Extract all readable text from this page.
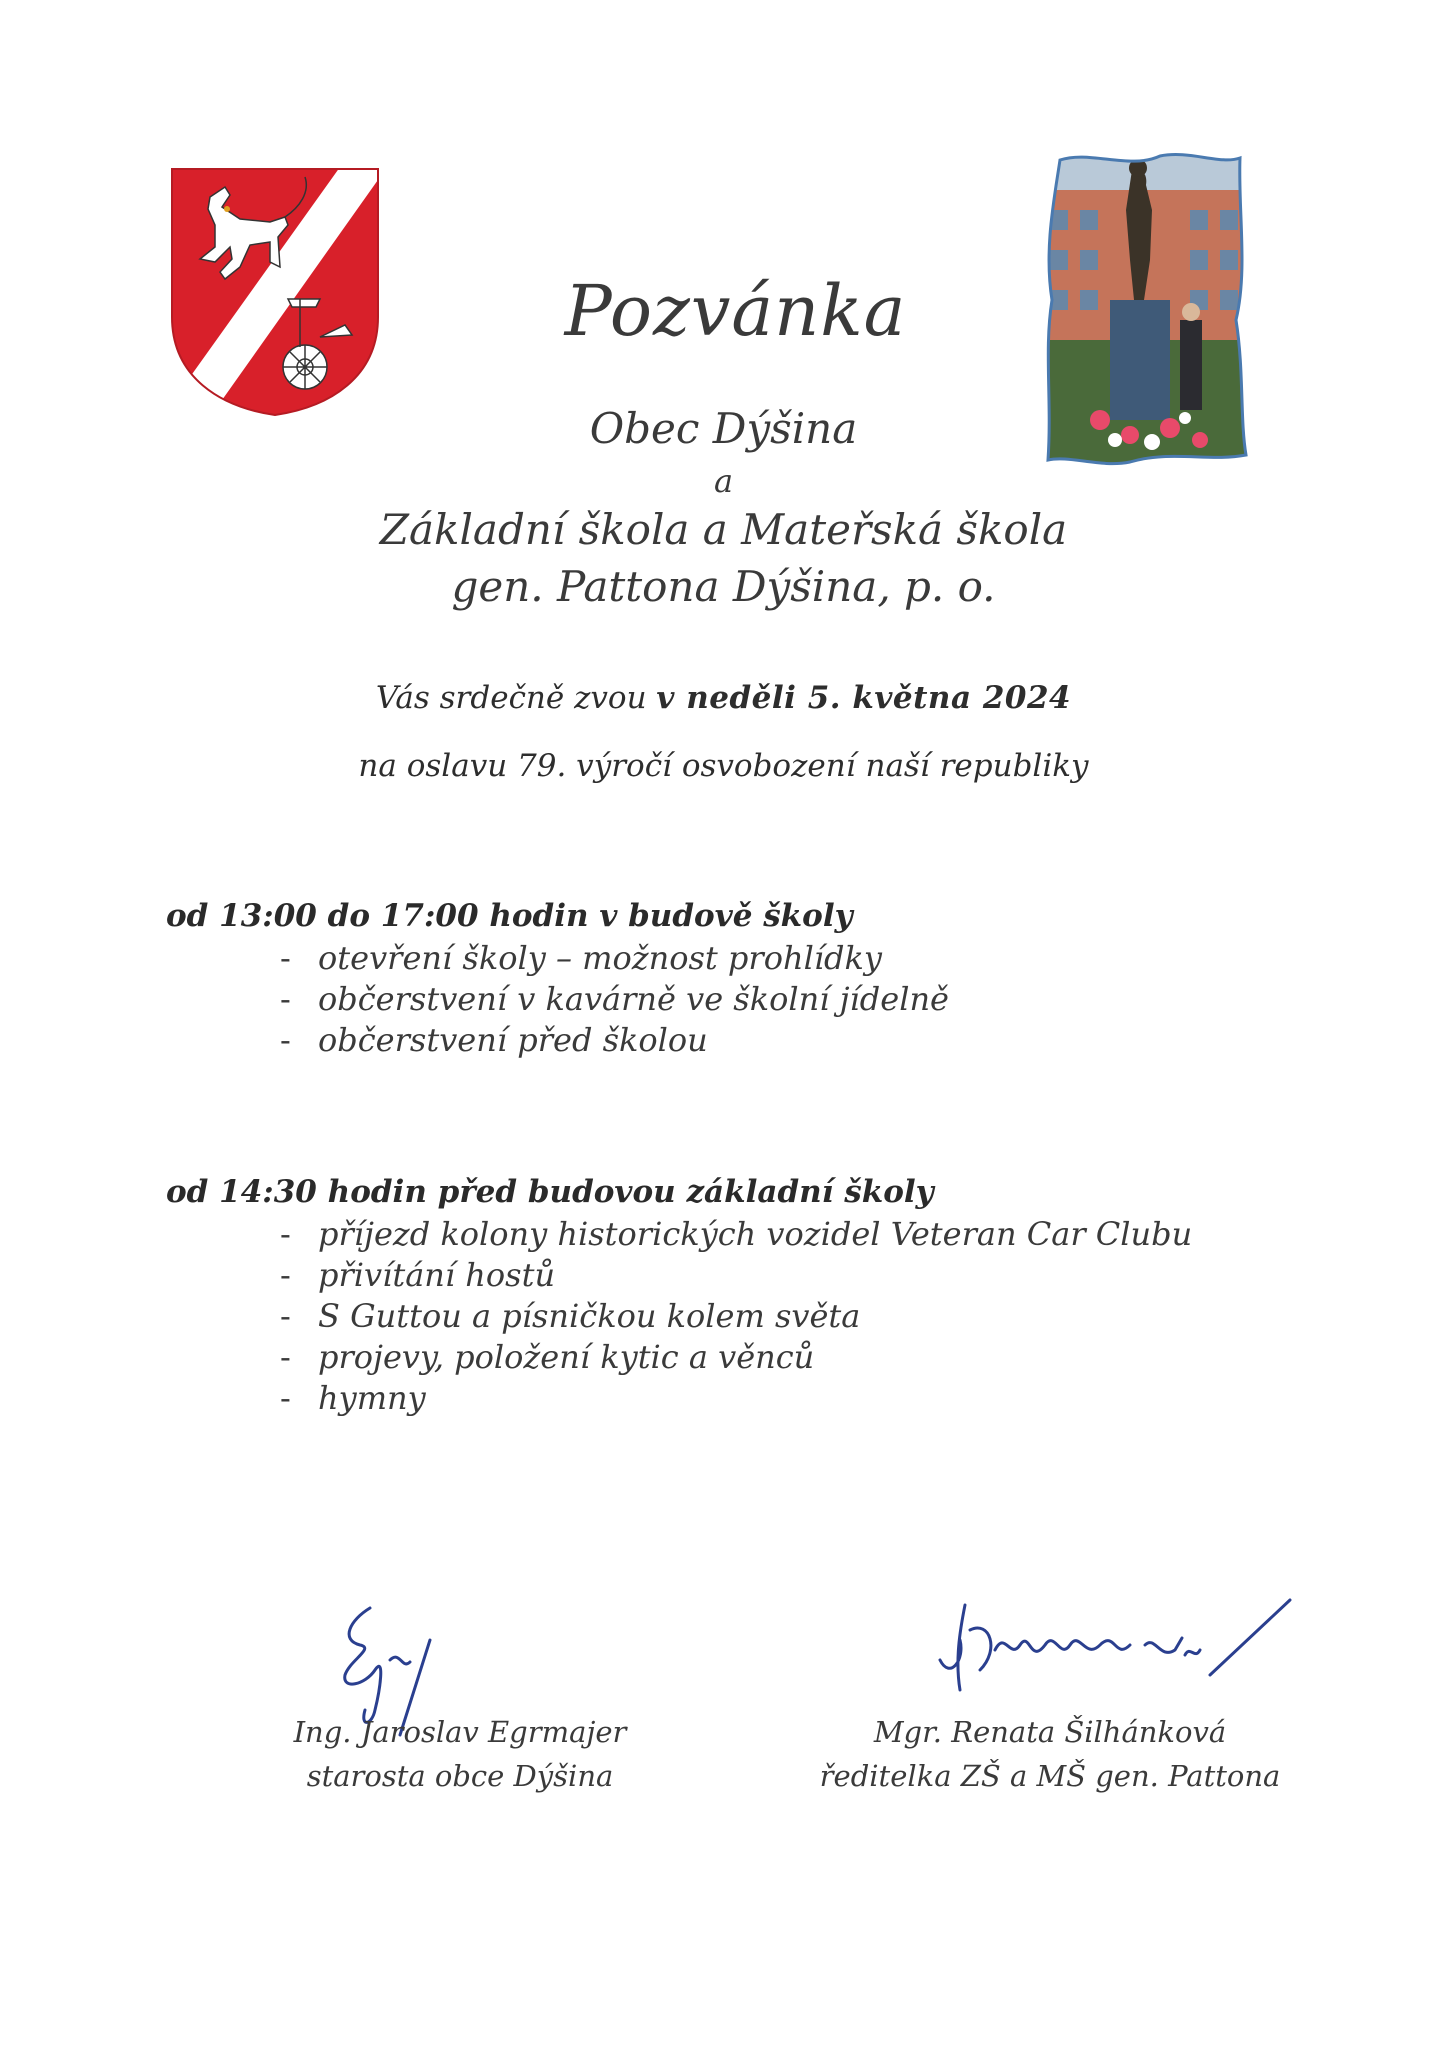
Pozvánka
Obec Dýšina
a
Základní škola a Mateřská škola
gen. Pattona Dýšina, p. o.
Vás srdečně zvou v neděli 5. května 2024
na oslavu 79. výročí osvobození naší republiky
od 13:00 do 17:00 hodin v budově školy
- otevření školy – možnost prohlídky
- občerstvení v kavárně ve školní jídelně
- občerstvení před školou
od 14:30 hodin před budovou základní školy
- příjezd kolony historických vozidel Veteran Car Clubu
- přivítání hostů
- S Guttou a písničkou kolem světa
- projevy, položení kytic a věnců
- hymny
Ing. Jaroslav Egrmajer
starosta obce Dýšina
Mgr. Renata Šilhánková
ředitelka ZŠ a MŠ gen. Pattona
